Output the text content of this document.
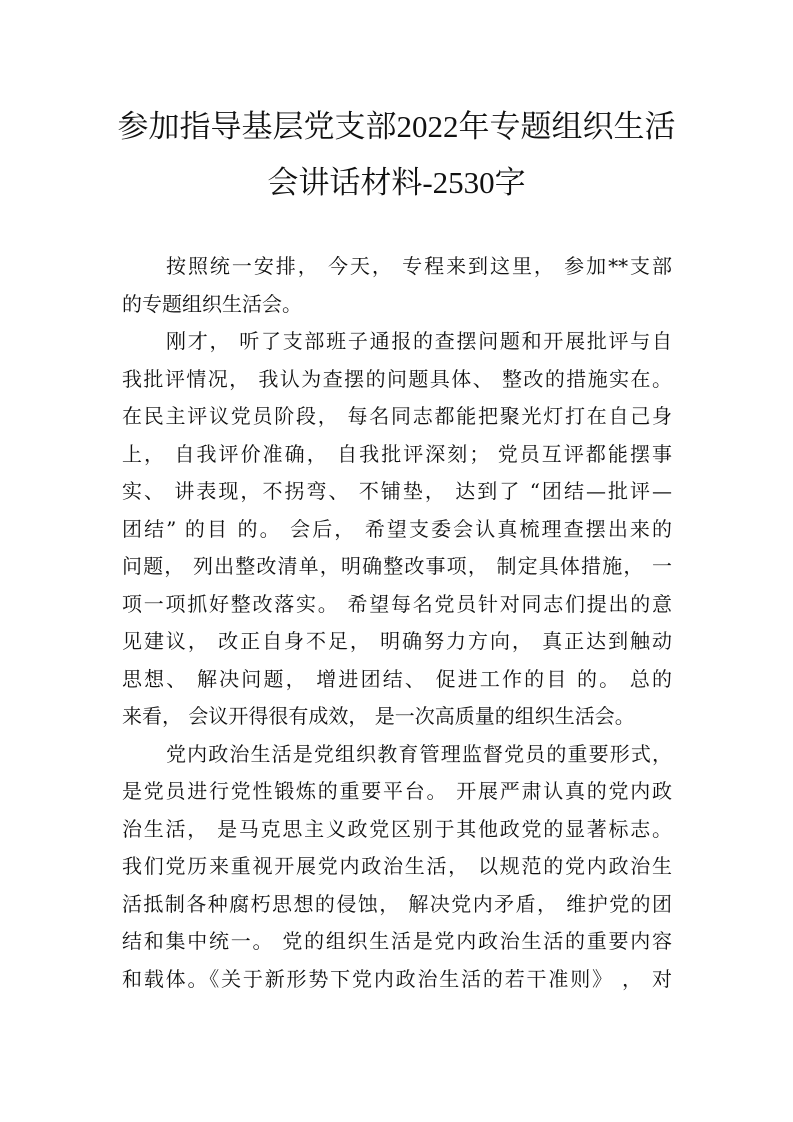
参加指导基层党支部2022年专题组织生活
会讲话材料-2530字
按照统一安排， 今天， 专程来到这里， 参加**支部
的专题组织生活会。
刚才， 听了支部班子通报的查摆问题和开展批评与自
我批评情况， 我认为查摆的问题具体、 整改的措施实在。
在民主评议党员阶段， 每名同志都能把聚光灯打在自己身
上， 自我评价准确， 自我批评深刻； 党员互评都能摆事
实、 讲表现，不拐弯、 不铺垫， 达到了 “团结—批评—
团结” 的目 的。 会后， 希望支委会认真梳理查摆出来的
问题， 列出整改清单，明确整改事项， 制定具体措施， 一
项一项抓好整改落实。 希望每名党员针对同志们提出的意
见建议， 改正自身不足， 明确努力方向， 真正达到触动
思想、 解决问题， 增进团结、 促进工作的目 的。 总的
来看， 会议开得很有成效， 是一次高质量的组织生活会。
党内政治生活是党组织教育管理监督党员的重要形式，
是党员进行党性锻炼的重要平台。 开展严肃认真的党内政
治生活， 是马克思主义政党区别于其他政党的显著标志。
我们党历来重视开展党内政治生活， 以规范的党内政治生
活抵制各种腐朽思想的侵蚀， 解决党内矛盾， 维护党的团
结和集中统一。 党的组织生活是党内政治生活的重要内容
和载体。《关于新形势下党内政治生活的若干准则》 ， 对
